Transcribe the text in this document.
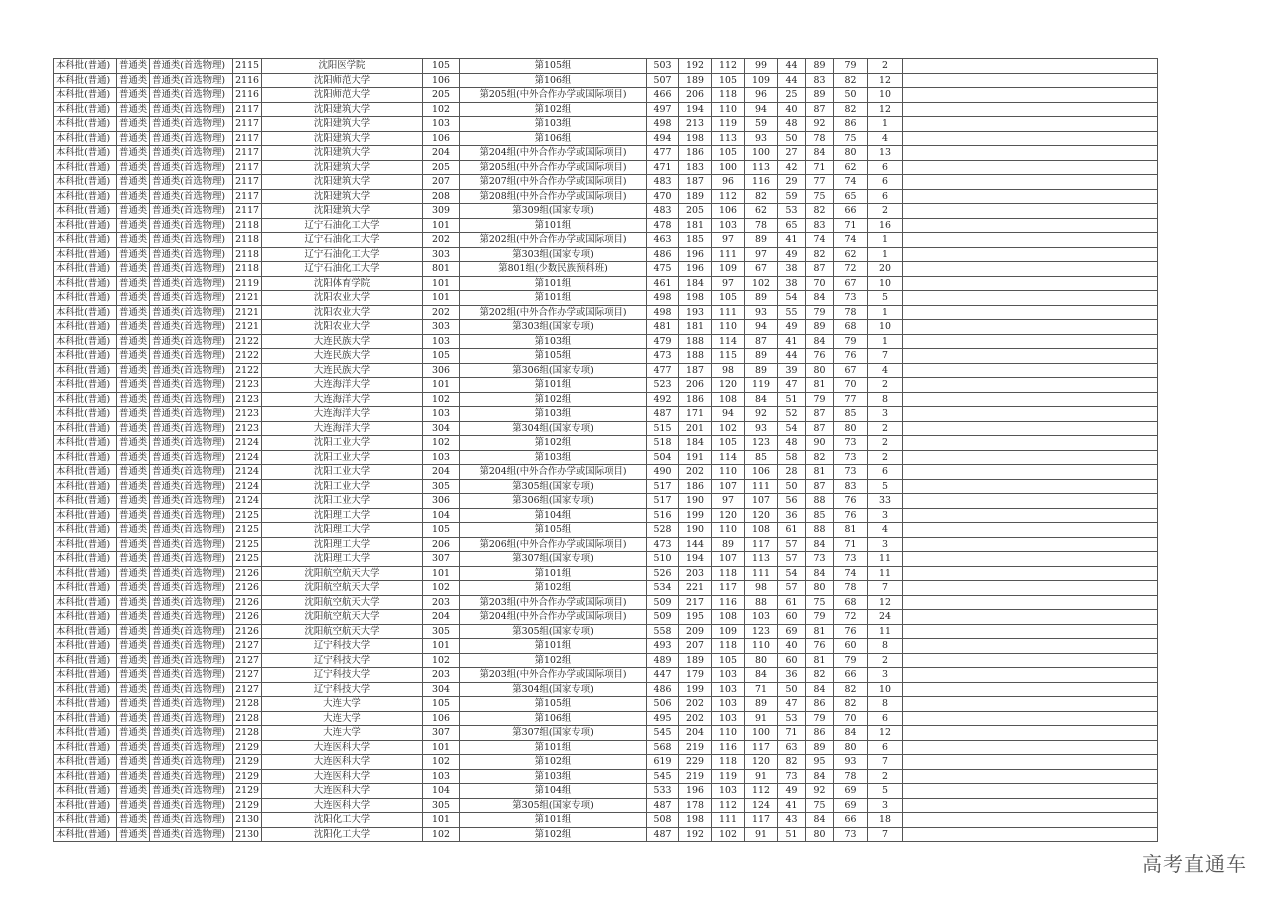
本科批(普通)	普通类	普通类(首选物理)	2115	沈阳医学院	105	第105组	503	192	112	99	44	89	79	2	
本科批(普通)	普通类	普通类(首选物理)	2116	沈阳师范大学	106	第106组	507	189	105	109	44	83	82	12	
本科批(普通)	普通类	普通类(首选物理)	2116	沈阳师范大学	205	第205组(中外合作办学或国际项目)	466	206	118	96	25	89	50	10	
本科批(普通)	普通类	普通类(首选物理)	2117	沈阳建筑大学	102	第102组	497	194	110	94	40	87	82	12	
本科批(普通)	普通类	普通类(首选物理)	2117	沈阳建筑大学	103	第103组	498	213	119	59	48	92	86	1	
本科批(普通)	普通类	普通类(首选物理)	2117	沈阳建筑大学	106	第106组	494	198	113	93	50	78	75	4	
本科批(普通)	普通类	普通类(首选物理)	2117	沈阳建筑大学	204	第204组(中外合作办学或国际项目)	477	186	105	100	27	84	80	13	
本科批(普通)	普通类	普通类(首选物理)	2117	沈阳建筑大学	205	第205组(中外合作办学或国际项目)	471	183	100	113	42	71	62	6	
本科批(普通)	普通类	普通类(首选物理)	2117	沈阳建筑大学	207	第207组(中外合作办学或国际项目)	483	187	96	116	29	77	74	6	
本科批(普通)	普通类	普通类(首选物理)	2117	沈阳建筑大学	208	第208组(中外合作办学或国际项目)	470	189	112	82	59	75	65	6	
本科批(普通)	普通类	普通类(首选物理)	2117	沈阳建筑大学	309	第309组(国家专项)	483	205	106	62	53	82	66	2	
本科批(普通)	普通类	普通类(首选物理)	2118	辽宁石油化工大学	101	第101组	478	181	103	78	65	83	71	16	
本科批(普通)	普通类	普通类(首选物理)	2118	辽宁石油化工大学	202	第202组(中外合作办学或国际项目)	463	185	97	89	41	74	74	1	
本科批(普通)	普通类	普通类(首选物理)	2118	辽宁石油化工大学	303	第303组(国家专项)	486	196	111	97	49	82	62	1	
本科批(普通)	普通类	普通类(首选物理)	2118	辽宁石油化工大学	801	第801组(少数民族预科班)	475	196	109	67	38	87	72	20	
本科批(普通)	普通类	普通类(首选物理)	2119	沈阳体育学院	101	第101组	461	184	97	102	38	70	67	10	
本科批(普通)	普通类	普通类(首选物理)	2121	沈阳农业大学	101	第101组	498	198	105	89	54	84	73	5	
本科批(普通)	普通类	普通类(首选物理)	2121	沈阳农业大学	202	第202组(中外合作办学或国际项目)	498	193	111	93	55	79	78	1	
本科批(普通)	普通类	普通类(首选物理)	2121	沈阳农业大学	303	第303组(国家专项)	481	181	110	94	49	89	68	10	
本科批(普通)	普通类	普通类(首选物理)	2122	大连民族大学	103	第103组	479	188	114	87	41	84	79	1	
本科批(普通)	普通类	普通类(首选物理)	2122	大连民族大学	105	第105组	473	188	115	89	44	76	76	7	
本科批(普通)	普通类	普通类(首选物理)	2122	大连民族大学	306	第306组(国家专项)	477	187	98	89	39	80	67	4	
本科批(普通)	普通类	普通类(首选物理)	2123	大连海洋大学	101	第101组	523	206	120	119	47	81	70	2	
本科批(普通)	普通类	普通类(首选物理)	2123	大连海洋大学	102	第102组	492	186	108	84	51	79	77	8	
本科批(普通)	普通类	普通类(首选物理)	2123	大连海洋大学	103	第103组	487	171	94	92	52	87	85	3	
本科批(普通)	普通类	普通类(首选物理)	2123	大连海洋大学	304	第304组(国家专项)	515	201	102	93	54	87	80	2	
本科批(普通)	普通类	普通类(首选物理)	2124	沈阳工业大学	102	第102组	518	184	105	123	48	90	73	2	
本科批(普通)	普通类	普通类(首选物理)	2124	沈阳工业大学	103	第103组	504	191	114	85	58	82	73	2	
本科批(普通)	普通类	普通类(首选物理)	2124	沈阳工业大学	204	第204组(中外合作办学或国际项目)	490	202	110	106	28	81	73	6	
本科批(普通)	普通类	普通类(首选物理)	2124	沈阳工业大学	305	第305组(国家专项)	517	186	107	111	50	87	83	5	
本科批(普通)	普通类	普通类(首选物理)	2124	沈阳工业大学	306	第306组(国家专项)	517	190	97	107	56	88	76	33	
本科批(普通)	普通类	普通类(首选物理)	2125	沈阳理工大学	104	第104组	516	199	120	120	36	85	76	3	
本科批(普通)	普通类	普通类(首选物理)	2125	沈阳理工大学	105	第105组	528	190	110	108	61	88	81	4	
本科批(普通)	普通类	普通类(首选物理)	2125	沈阳理工大学	206	第206组(中外合作办学或国际项目)	473	144	89	117	57	84	71	3	
本科批(普通)	普通类	普通类(首选物理)	2125	沈阳理工大学	307	第307组(国家专项)	510	194	107	113	57	73	73	11	
本科批(普通)	普通类	普通类(首选物理)	2126	沈阳航空航天大学	101	第101组	526	203	118	111	54	84	74	11	
本科批(普通)	普通类	普通类(首选物理)	2126	沈阳航空航天大学	102	第102组	534	221	117	98	57	80	78	7	
本科批(普通)	普通类	普通类(首选物理)	2126	沈阳航空航天大学	203	第203组(中外合作办学或国际项目)	509	217	116	88	61	75	68	12	
本科批(普通)	普通类	普通类(首选物理)	2126	沈阳航空航天大学	204	第204组(中外合作办学或国际项目)	509	195	108	103	60	79	72	24	
本科批(普通)	普通类	普通类(首选物理)	2126	沈阳航空航天大学	305	第305组(国家专项)	558	209	109	123	69	81	76	11	
本科批(普通)	普通类	普通类(首选物理)	2127	辽宁科技大学	101	第101组	493	207	118	110	40	76	60	8	
本科批(普通)	普通类	普通类(首选物理)	2127	辽宁科技大学	102	第102组	489	189	105	80	60	81	79	2	
本科批(普通)	普通类	普通类(首选物理)	2127	辽宁科技大学	203	第203组(中外合作办学或国际项目)	447	179	103	84	36	82	66	3	
本科批(普通)	普通类	普通类(首选物理)	2127	辽宁科技大学	304	第304组(国家专项)	486	199	103	71	50	84	82	10	
本科批(普通)	普通类	普通类(首选物理)	2128	大连大学	105	第105组	506	202	103	89	47	86	82	8	
本科批(普通)	普通类	普通类(首选物理)	2128	大连大学	106	第106组	495	202	103	91	53	79	70	6	
本科批(普通)	普通类	普通类(首选物理)	2128	大连大学	307	第307组(国家专项)	545	204	110	100	71	86	84	12	
本科批(普通)	普通类	普通类(首选物理)	2129	大连医科大学	101	第101组	568	219	116	117	63	89	80	6	
本科批(普通)	普通类	普通类(首选物理)	2129	大连医科大学	102	第102组	619	229	118	120	82	95	93	7	
本科批(普通)	普通类	普通类(首选物理)	2129	大连医科大学	103	第103组	545	219	119	91	73	84	78	2	
本科批(普通)	普通类	普通类(首选物理)	2129	大连医科大学	104	第104组	533	196	103	112	49	92	69	5	
本科批(普通)	普通类	普通类(首选物理)	2129	大连医科大学	305	第305组(国家专项)	487	178	112	124	41	75	69	3	
本科批(普通)	普通类	普通类(首选物理)	2130	沈阳化工大学	101	第101组	508	198	111	117	43	84	66	18	
本科批(普通)	普通类	普通类(首选物理)	2130	沈阳化工大学	102	第102组	487	192	102	91	51	80	73	7	
高考直通车
